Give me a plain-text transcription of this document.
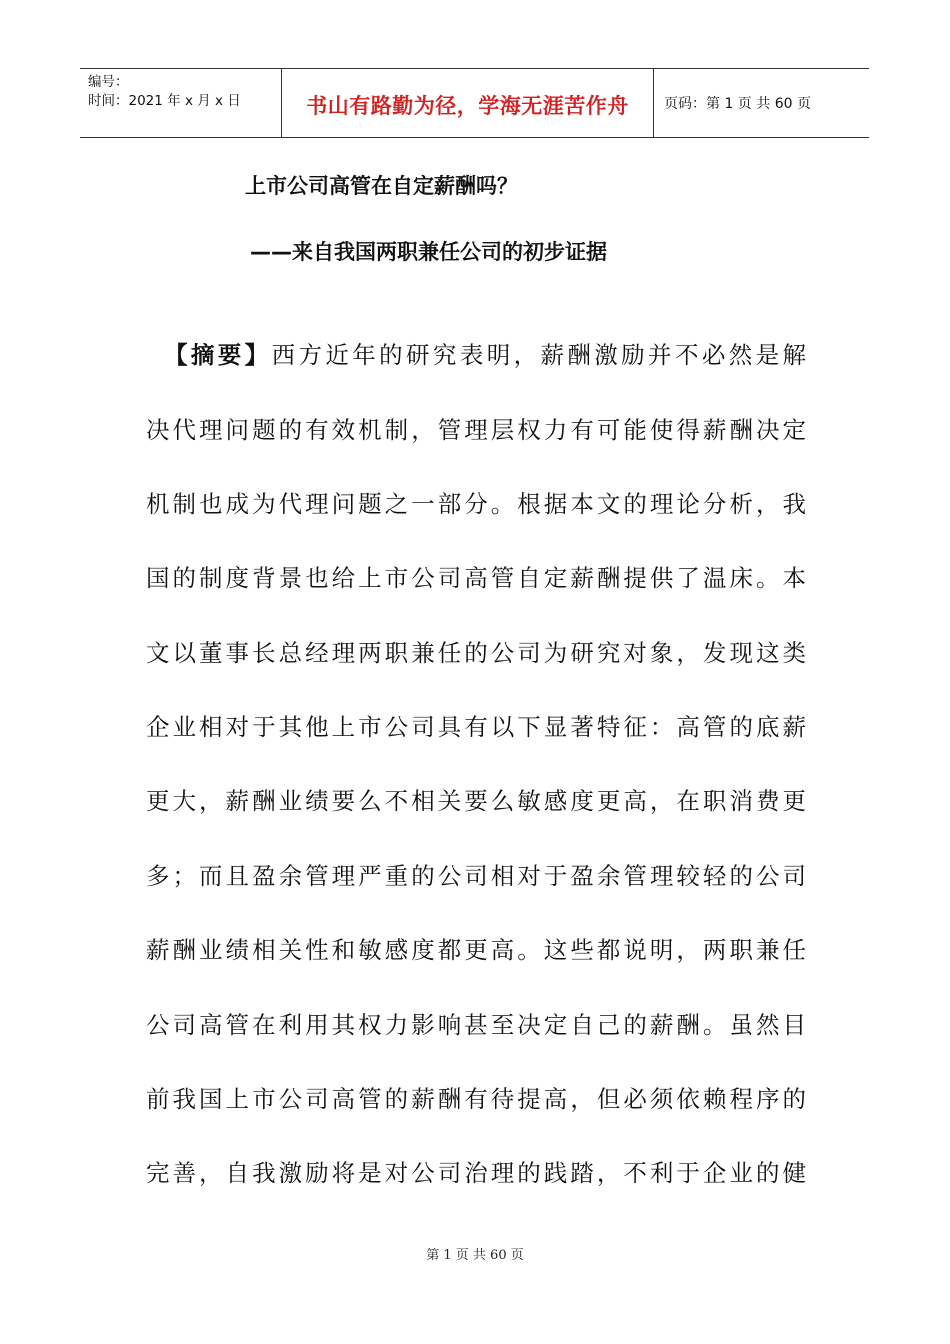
编号：
时间：2021 年 x 月 x 日	书山有路勤为径，学海无涯苦作舟	页码：第 1 页 共 60 页
上市公司高管在自定薪酬吗？
——来自我国两职兼任公司的初步证据
【摘要】西方近年的研究表明，薪酬激励并不必然是解
决代理问题的有效机制，管理层权力有可能使得薪酬决定
机制也成为代理问题之一部分。根据本文的理论分析，我
国的制度背景也给上市公司高管自定薪酬提供了温床。本
文以董事长总经理两职兼任的公司为研究对象，发现这类
企业相对于其他上市公司具有以下显著特征：高管的底薪
更大，薪酬业绩要么不相关要么敏感度更高，在职消费更
多；而且盈余管理严重的公司相对于盈余管理较轻的公司
薪酬业绩相关性和敏感度都更高。这些都说明，两职兼任
公司高管在利用其权力影响甚至决定自己的薪酬。虽然目
前我国上市公司高管的薪酬有待提高，但必须依赖程序的
完善，自我激励将是对公司治理的践踏，不利于企业的健
第 1 页 共 60 页
